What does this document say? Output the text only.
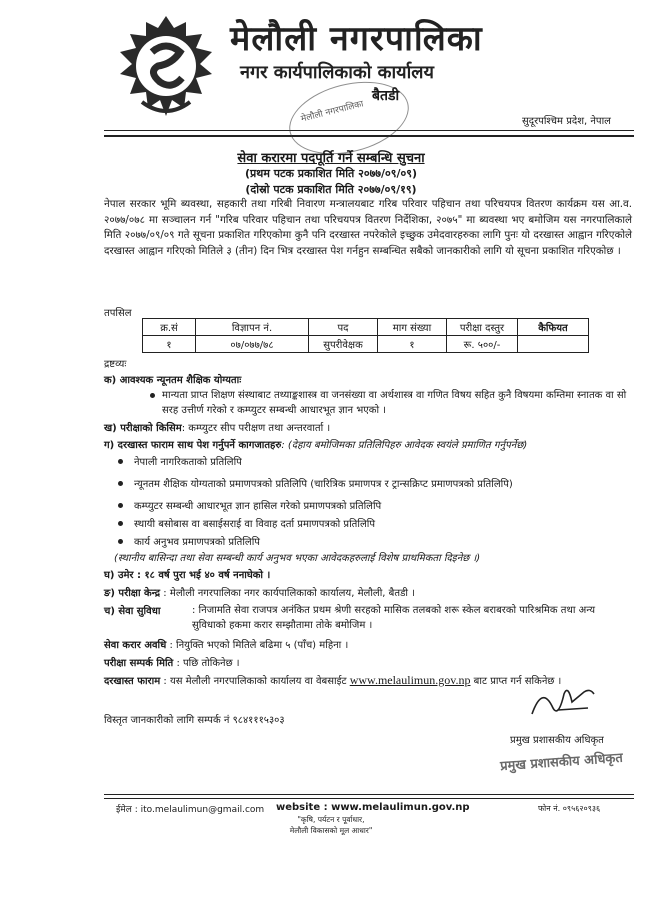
मेलौली नगरपालिका
नगर कार्यपालिकाको कार्यालय
बैतडी
सुदूरपश्चिम प्रदेश, नेपाल
मेलौली नगरपालिका
सेवा करारमा पदपूर्ति गर्ने सम्बन्धि सुचना
(प्रथम पटक प्रकाशित मिति २०७७/०९/०९)
(दोस्रो पटक प्रकाशित मिति २०७७/०९/१९)
नेपाल सरकार भूमि ब्यवस्था, सहकारी तथा गरिबी निवारण मन्त्रालयबाट गरिब परिवार पहिचान तथा परिचयपत्र वितरण कार्यक्रम यस आ.व. २०७७/०७८ मा सञ्चालन गर्न "गरिब परिवार पहिचान तथा परिचयपत्र वितरण निर्देशिका, २०७५" मा ब्यवस्था भए बमोजिम यस नगरपालिकाले मिति २०७७/०९/०९ गते सूचना प्रकाशित गरिएकोमा कुनै पनि दरखास्त नपरेकोले इच्छुक उमेदवारहरुका लागि पुनः यो दरखास्त आह्वान गरिएकोले दरखास्त आह्वान गरिएको मितिले ३ (तीन) दिन भित्र दरखास्त पेश गर्नहुन सम्बन्धित सबैको जानकारीको लागि यो सूचना प्रकाशित गरिएकोछ ।
तपसिल
क्र.सं	विज्ञापन नं.	पद	माग संख्या	परीक्षा दस्तुर	कैफियत
१	०७/०७७/७८	सुपरीवेक्षक	१	रू. ५००/-	
द्रष्टव्यः
क) आवश्यक न्यूनतम शैक्षिक योग्यताः
मान्यता प्राप्त शिक्षण संस्थाबाट तथ्याङ्कशास्त्र वा जनसंख्या वा अर्थशास्त्र वा गणित विषय सहित कुनै विषयमा कम्तिमा स्नातक वा सो सरह उत्तीर्ण गरेको र कम्प्युटर सम्बन्धी आधारभूत ज्ञान भएको ।
ख) परीक्षाको किसिम: कम्प्युटर सीप परीक्षण तथा अन्तरवार्ता ।
ग) दरखास्त फाराम साथ पेश गर्नुपर्ने कागजातहरु: (देहाय बमोजिमका प्रतिलिपिहरु आवेदक स्वयंले प्रमाणित गर्नुपर्नेछ)
नेपाली नागरिकताको प्रतिलिपि
न्यूनतम शैक्षिक योग्यताको प्रमाणपत्रको प्रतिलिपि (चारित्रिक प्रमाणपत्र र ट्रान्सक्रिप्ट प्रमाणपत्रको प्रतिलिपि)
कम्प्युटर सम्बन्धी आधारभूत ज्ञान हासिल गरेको प्रमाणपत्रको प्रतिलिपि
स्थायी बसोबास वा बसाईसराई वा विवाह दर्ता प्रमाणपत्रको प्रतिलिपि
कार्य अनुभव प्रमाणपत्रको प्रतिलिपि
(स्थानीय बासिन्दा तथा सेवा सम्बन्धी कार्य अनुभव भएका आवेदकहरुलाई विशेष प्राथमिकता दिइनेछ ।)
घ) उमेर : १८ वर्ष पुरा भई ४० वर्ष ननाघेको ।
ङ) परीक्षा केन्द्र : मेलौली नगरपालिका नगर कार्यपालिकाको कार्यालय, मेलौली, बैतडी ।
च) सेवा सुविधा	: निजामति सेवा राजपत्र अनंकित प्रथम श्रेणी सरहको मासिक तलबको शरू स्केल बराबरको पारिश्रमिक तथा अन्य सुविधाको हकमा करार सम्झौतामा तोके बमोजिम ।
सेवा करार अवधि : नियुक्ति भएको मितिले बढिमा ५ (पाँच) महिना ।
परीक्षा सम्पर्क मिति : पछि तोकिनेछ ।
दरखास्त फाराम : यस मेलौली नगरपालिकाको कार्यालय वा वेबसाईट www.melaulimun.gov.np बाट प्राप्त गर्न सकिनेछ ।
विस्तृत जानकारीको लागि सम्पर्क नं ९८४१११५३०३
प्रमुख प्रशासकीय अधिकृत
प्रमुख प्रशासकीय अधिकृत
ईमेल : ito.melaulimun@gmail.com website : www.melaulimun.gov.np	फोन नं. ०९५६२०९३६
"कृषि, पर्यटन र पूर्वाधार,
मेलौली विकासको मूल आधार"
